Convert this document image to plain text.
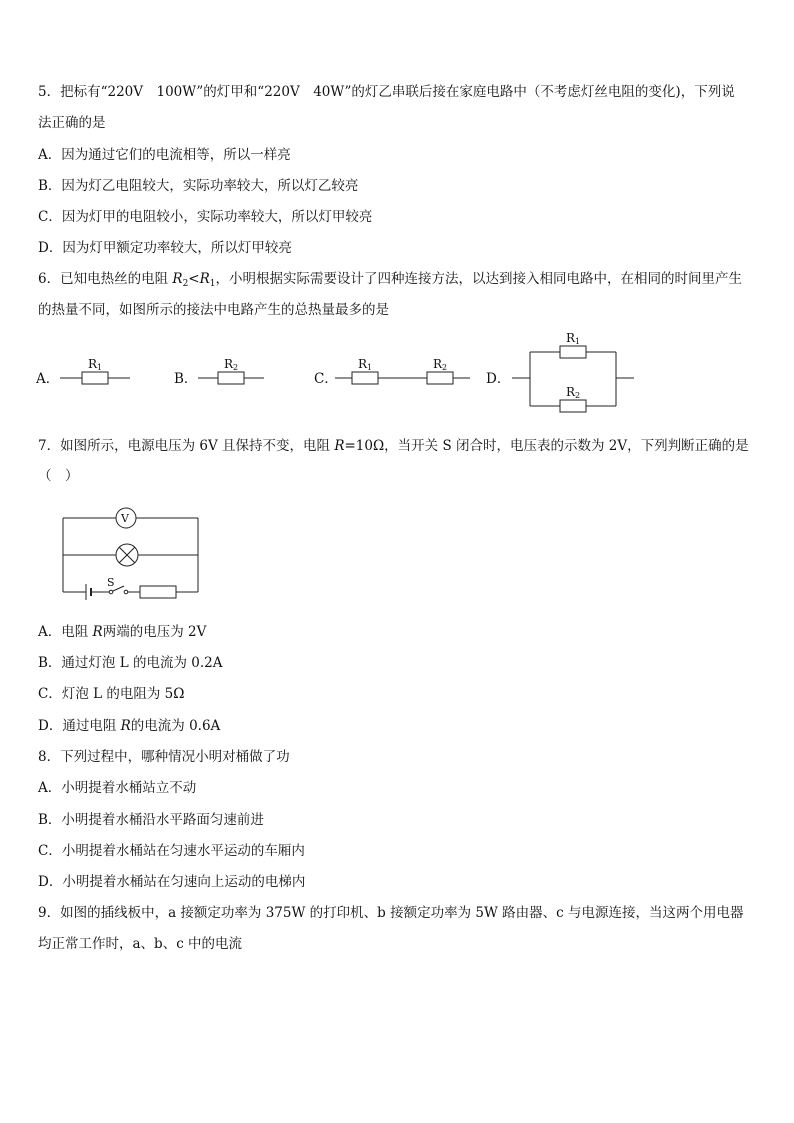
5．把标有“220V　100W”的灯甲和“220V　40W”的灯乙串联后接在家庭电路中（不考虑灯丝电阻的变化)，下列说
法正确的是
A．因为通过它们的电流相等，所以一样亮
B．因为灯乙电阻较大，实际功率较大，所以灯乙较亮
C．因为灯甲的电阻较小，实际功率较大，所以灯甲较亮
D．因为灯甲额定功率较大，所以灯甲较亮
6．已知电热丝的电阻 $R_2<R_1$，小明根据实际需要设计了四种连接方法，以达到接入相同电路中，在相同的时间里产生
的热量不同，如图所示的接法中电路产生的总热量最多的是
A．	B．	C．	D．
R 1	R 2	R 1	R 2
R 1
R 2
7．如图所示，电源电压为 6V 且保持不变，电阻 R=10Ω，当开关 S 闭合时，电压表的示数为 2V，下列判断正确的是
（　）
V
S
A．电阻 R两端的电压为 2V
B．通过灯泡 L 的电流为 0.2A
C．灯泡 L 的电阻为 5Ω
D．通过电阻 R的电流为 0.6A
8．下列过程中，哪种情况小明对桶做了功
A．小明提着水桶站立不动
B．小明提着水桶沿水平路面匀速前进
C．小明提着水桶站在匀速水平运动的车厢内
D．小明提着水桶站在匀速向上运动的电梯内
9．如图的插线板中，a 接额定功率为 375W 的打印机、b 接额定功率为 5W 路由器、c 与电源连接，当这两个用电器
均正常工作时，a、b、c 中的电流
